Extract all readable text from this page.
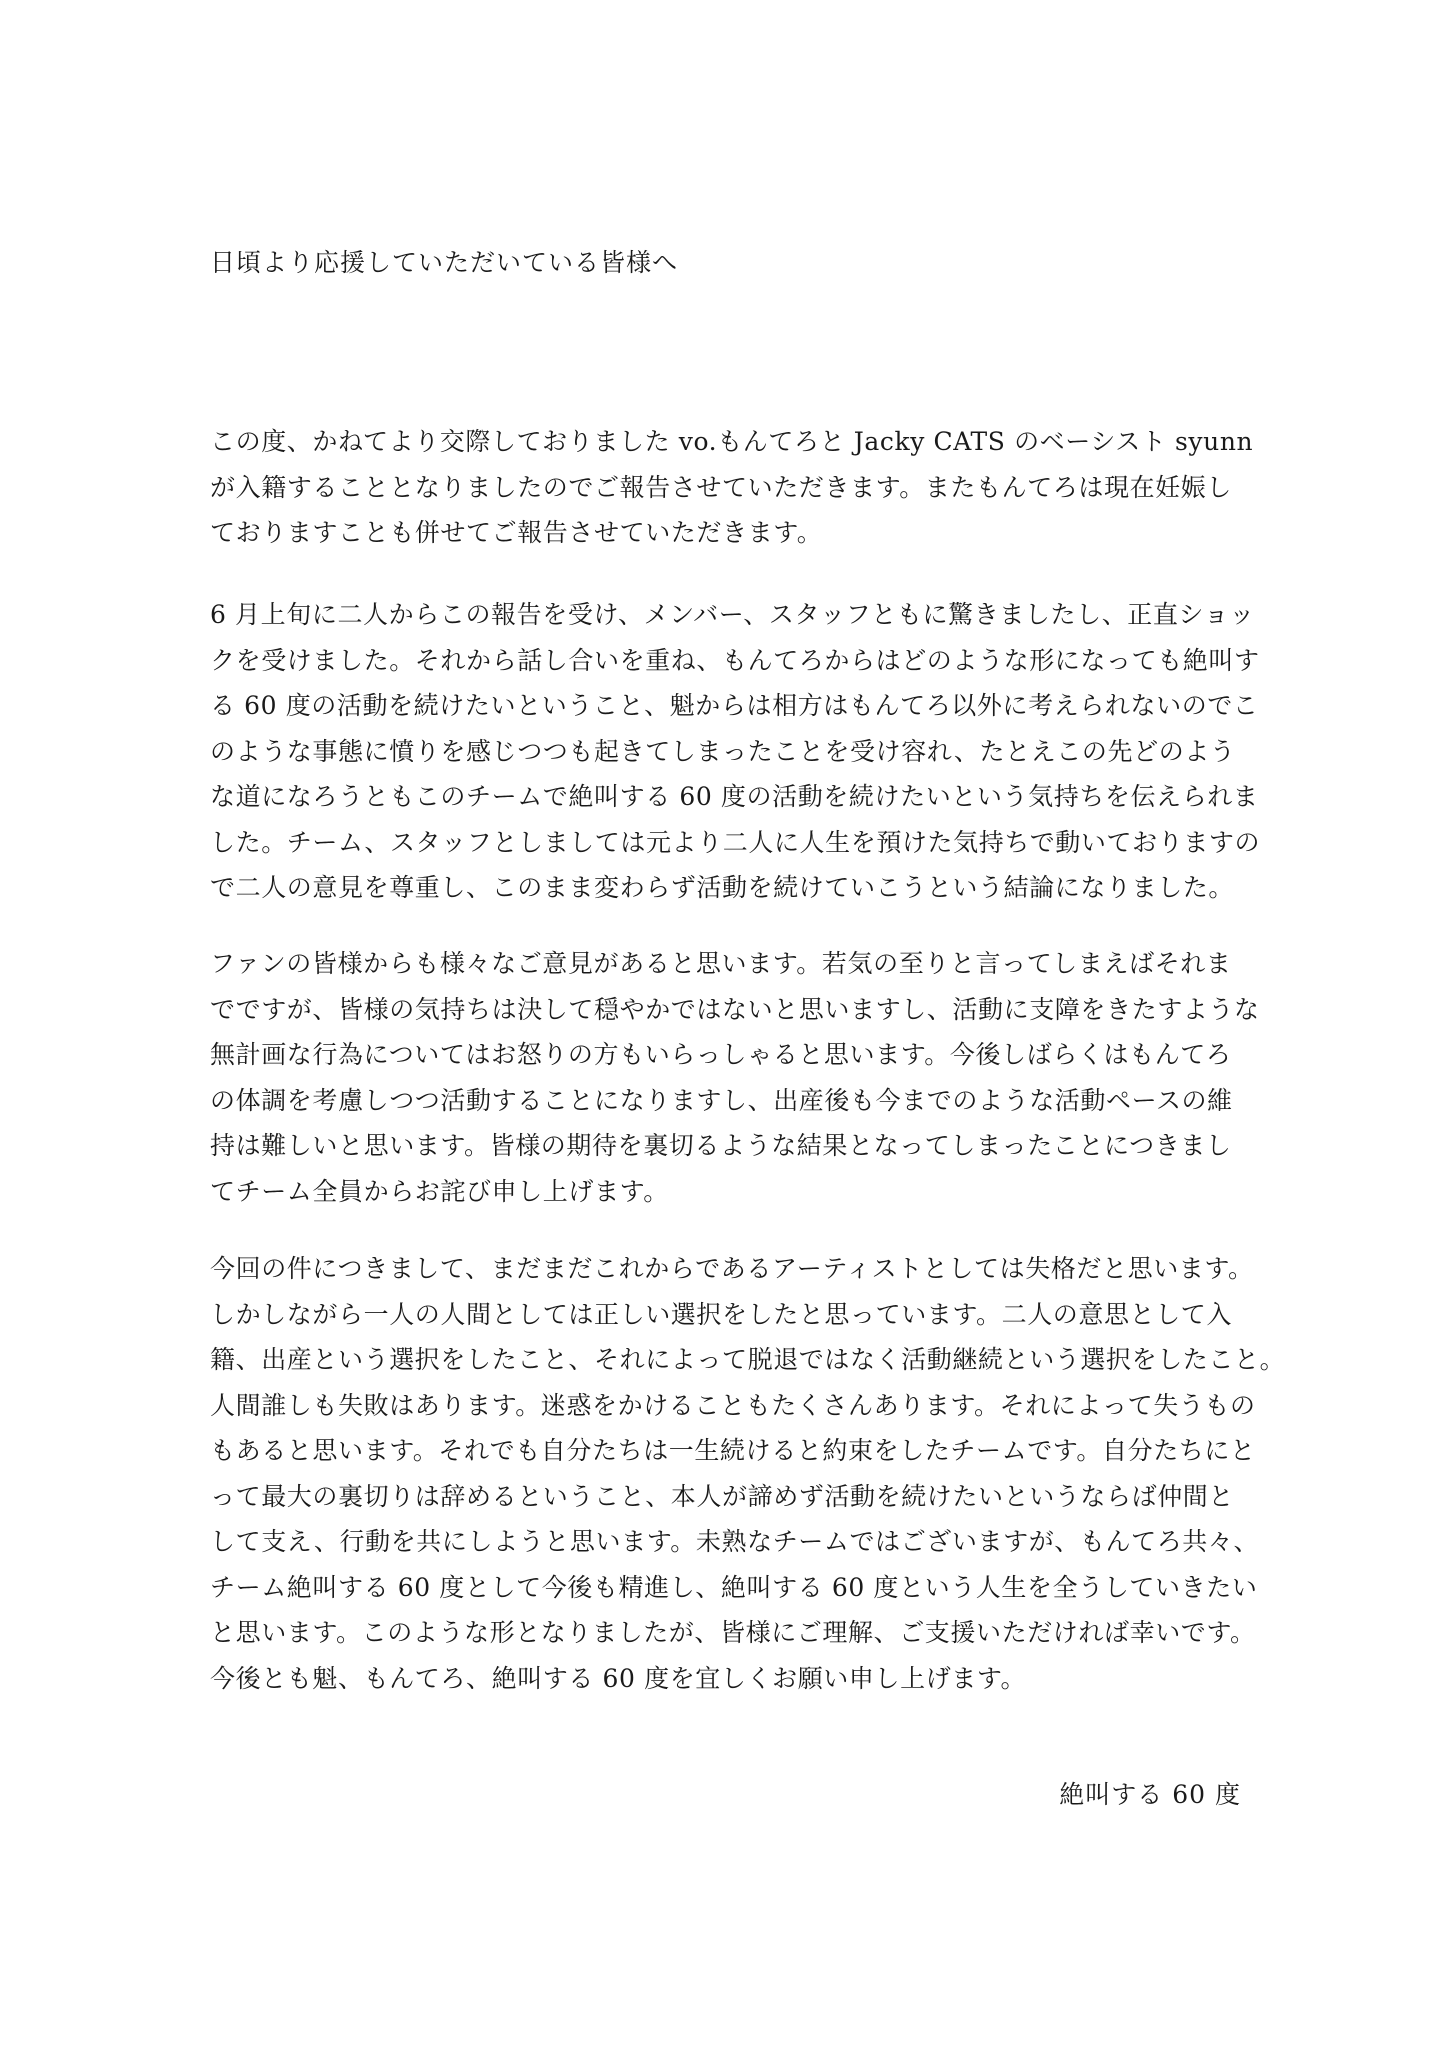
日頃より応援していただいている皆様へ
この度、かねてより交際しておりました vo.もんてろと Jacky CATS のベーシスト syunn
が入籍することとなりましたのでご報告させていただきます。またもんてろは現在妊娠し
ておりますことも併せてご報告させていただきます。
6 月上旬に二人からこの報告を受け、メンバー、スタッフともに驚きましたし、正直ショッ
クを受けました。それから話し合いを重ね、もんてろからはどのような形になっても絶叫す
る 60 度の活動を続けたいということ、魁からは相方はもんてろ以外に考えられないのでこ
のような事態に憤りを感じつつも起きてしまったことを受け容れ、たとえこの先どのよう
な道になろうともこのチームで絶叫する 60 度の活動を続けたいという気持ちを伝えられま
した。チーム、スタッフとしましては元より二人に人生を預けた気持ちで動いておりますの
で二人の意見を尊重し、このまま変わらず活動を続けていこうという結論になりました。
ファンの皆様からも様々なご意見があると思います。若気の至りと言ってしまえばそれま
でですが、皆様の気持ちは決して穏やかではないと思いますし、活動に支障をきたすような
無計画な行為についてはお怒りの方もいらっしゃると思います。今後しばらくはもんてろ
の体調を考慮しつつ活動することになりますし、出産後も今までのような活動ペースの維
持は難しいと思います。皆様の期待を裏切るような結果となってしまったことにつきまし
てチーム全員からお詫び申し上げます。
今回の件につきまして、まだまだこれからであるアーティストとしては失格だと思います。
しかしながら一人の人間としては正しい選択をしたと思っています。二人の意思として入
籍、出産という選択をしたこと、それによって脱退ではなく活動継続という選択をしたこと。
人間誰しも失敗はあります。迷惑をかけることもたくさんあります。それによって失うもの
もあると思います。それでも自分たちは一生続けると約束をしたチームです。自分たちにと
って最大の裏切りは辞めるということ、本人が諦めず活動を続けたいというならば仲間と
して支え、行動を共にしようと思います。未熟なチームではございますが、もんてろ共々、
チーム絶叫する 60 度として今後も精進し、絶叫する 60 度という人生を全うしていきたい
と思います。このような形となりましたが、皆様にご理解、ご支援いただければ幸いです。
今後とも魁、もんてろ、絶叫する 60 度を宜しくお願い申し上げます。
絶叫する 60 度
